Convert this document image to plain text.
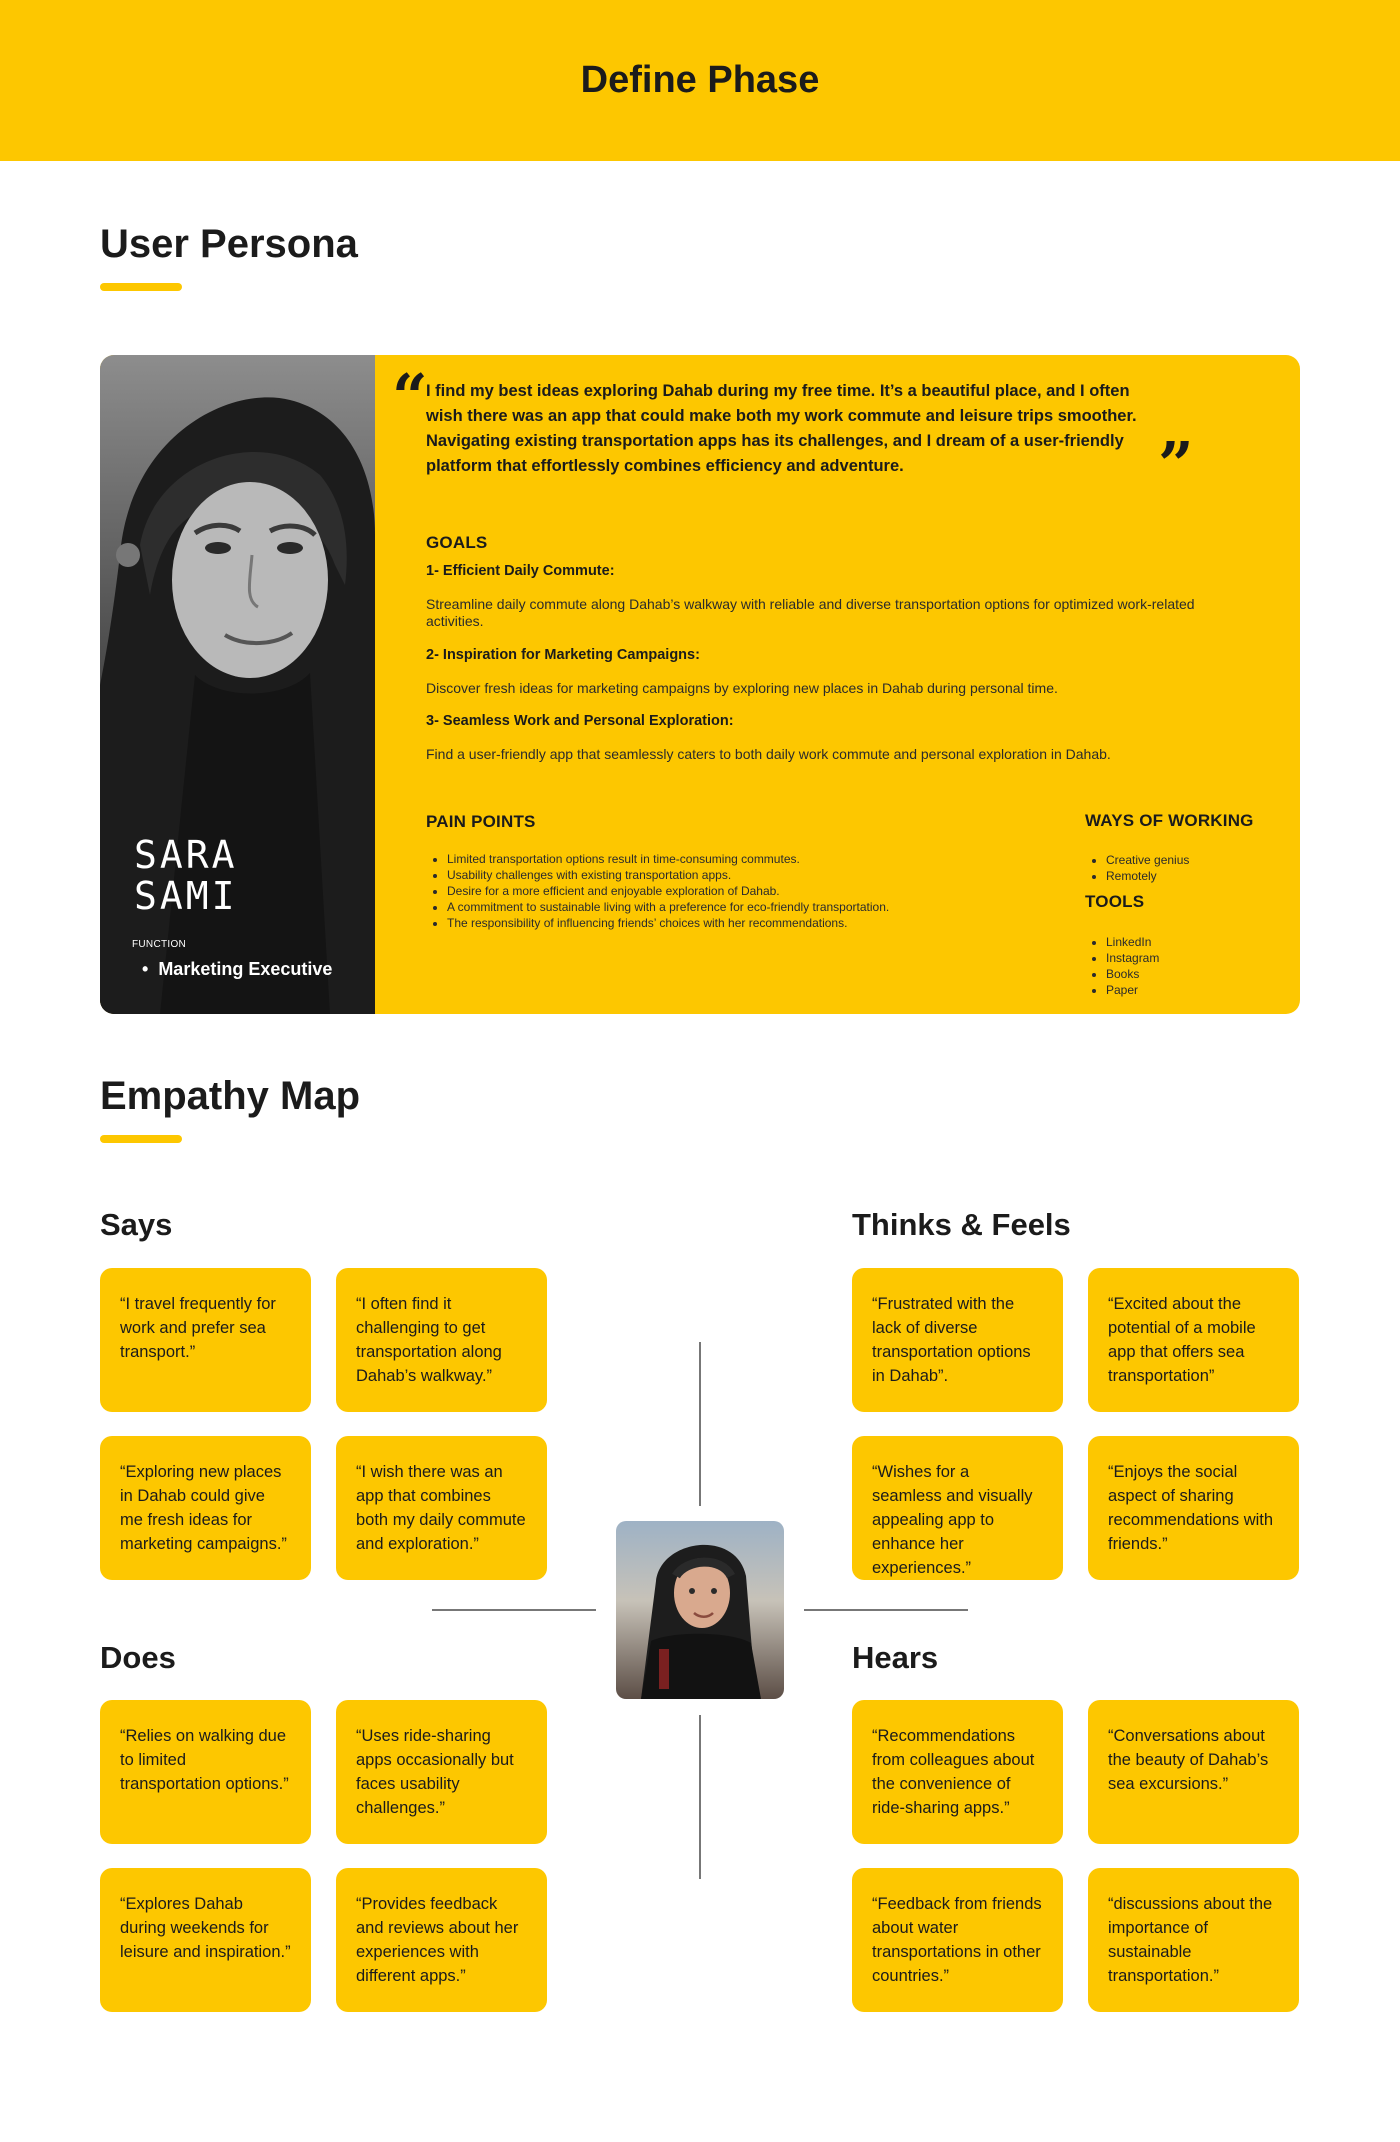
Define Phase
User Persona
SARA
SAMI
FUNCTION
• Marketing Executive
“
I find my best ideas exploring Dahab during my free time. It’s a beautiful place, and I often wish there was an app that could make both my work commute and leisure trips smoother. Navigating existing transportation apps has its challenges, and I dream of a user-friendly platform that effortlessly combines efficiency and adventure.	”
GOALS
1- Efficient Daily Commute:
Streamline daily commute along Dahab’s walkway with reliable and diverse transportation options for optimized work-related activities.
2- Inspiration for Marketing Campaigns:
Discover fresh ideas for marketing campaigns by exploring new places in Dahab during personal time.
3- Seamless Work and Personal Exploration:
Find a user-friendly app that seamlessly caters to both daily work commute and personal exploration in Dahab.
PAIN POINTS
• Limited transportation options result in time-consuming commutes.
• Usability challenges with existing transportation apps.
• Desire for a more efficient and enjoyable exploration of Dahab.
• A commitment to sustainable living with a preference for eco-friendly transportation.
• The responsibility of influencing friends’ choices with her recommendations.
WAYS OF WORKING
• Creative genius
• Remotely
TOOLS
• LinkedIn
• Instagram
• Books
• Paper
Empathy Map
Says
“I travel frequently for work and prefer sea transport.”
“I often find it challenging to get transportation along Dahab’s walkway.”
“Exploring new places in Dahab could give me fresh ideas for marketing campaigns.”
“I wish there was an app that combines both my daily commute and exploration.”
Thinks & Feels
“Frustrated with the lack of diverse transportation options in Dahab”.
“Excited about the potential of a mobile app that offers sea transportation”
“Wishes for a seamless and visually appealing app to enhance her experiences.”
“Enjoys the social aspect of sharing recommendations with friends.”
Does
“Relies on walking due to limited transportation options.”
“Uses ride-sharing apps occasionally but faces usability challenges.”
“Explores Dahab during weekends for leisure and inspiration.”
“Provides feedback and reviews about her experiences with different apps.”
Hears
“Recommendations from colleagues about the convenience of ride-sharing apps.”
“Conversations about the beauty of Dahab’s sea excursions.”
“Feedback from friends about water transportations in other countries.”
“discussions about the importance of sustainable transportation.”
